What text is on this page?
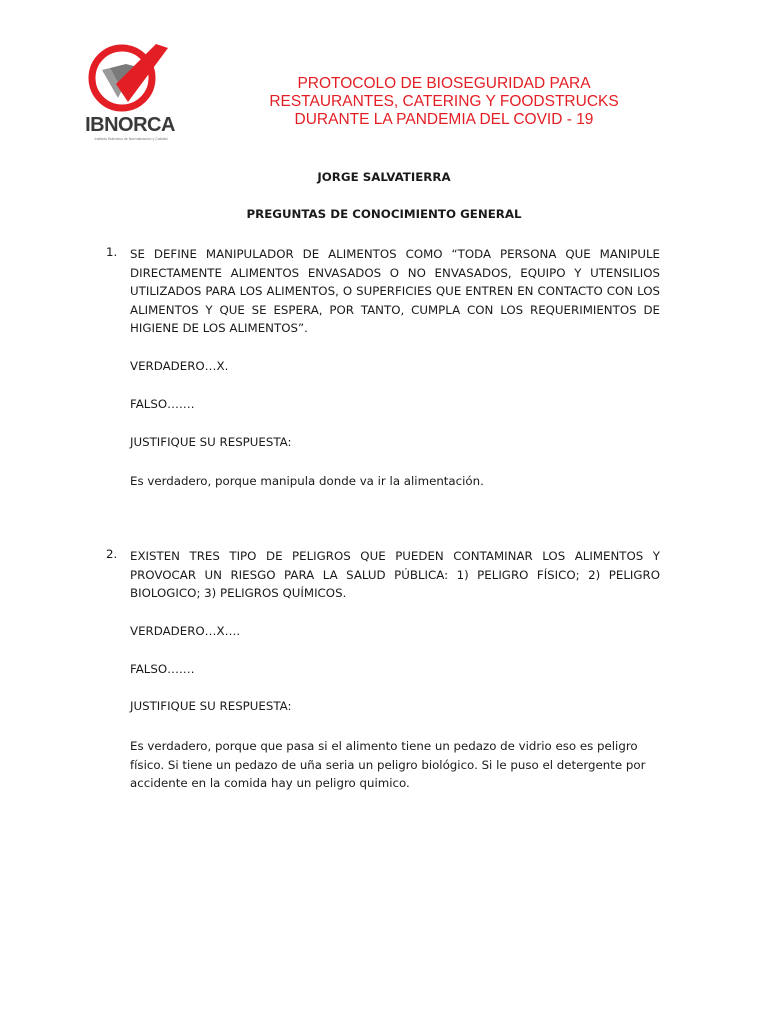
IBNORCA
Instituto Boliviano de Normalización y Calidad
PROTOCOLO DE BIOSEGURIDAD PARA
RESTAURANTES, CATERING Y FOODSTRUCKS
DURANTE LA PANDEMIA DEL COVID - 19
JORGE SALVATIERRA
PREGUNTAS DE CONOCIMIENTO GENERAL
1. SE DEFINE MANIPULADOR DE ALIMENTOS COMO “TODA PERSONA QUE MANIPULE DIRECTAMENTE ALIMENTOS ENVASADOS O NO ENVASADOS, EQUIPO Y UTENSILIOS UTILIZADOS PARA LOS ALIMENTOS, O SUPERFICIES QUE ENTREN EN CONTACTO CON LOS ALIMENTOS Y QUE SE ESPERA, POR TANTO, CUMPLA CON LOS REQUERIMIENTOS DE HIGIENE DE LOS ALIMENTOS”.
VERDADERO…X.
FALSO…….
JUSTIFIQUE SU RESPUESTA:
Es verdadero, porque manipula donde va ir la alimentación.
2. EXISTEN TRES TIPO DE PELIGROS QUE PUEDEN CONTAMINAR LOS ALIMENTOS Y PROVOCAR UN RIESGO PARA LA SALUD PÚBLICA: 1) PELIGRO FÍSICO; 2) PELIGRO BIOLOGICO; 3) PELIGROS QUÍMICOS.
VERDADERO…X….
FALSO…….
JUSTIFIQUE SU RESPUESTA:
Es verdadero, porque que pasa si el alimento tiene un pedazo de vidrio eso es peligro físico. Si tiene un pedazo de uña seria un peligro biológico. Si le puso el detergente por accidente en la comida hay un peligro quimico.
